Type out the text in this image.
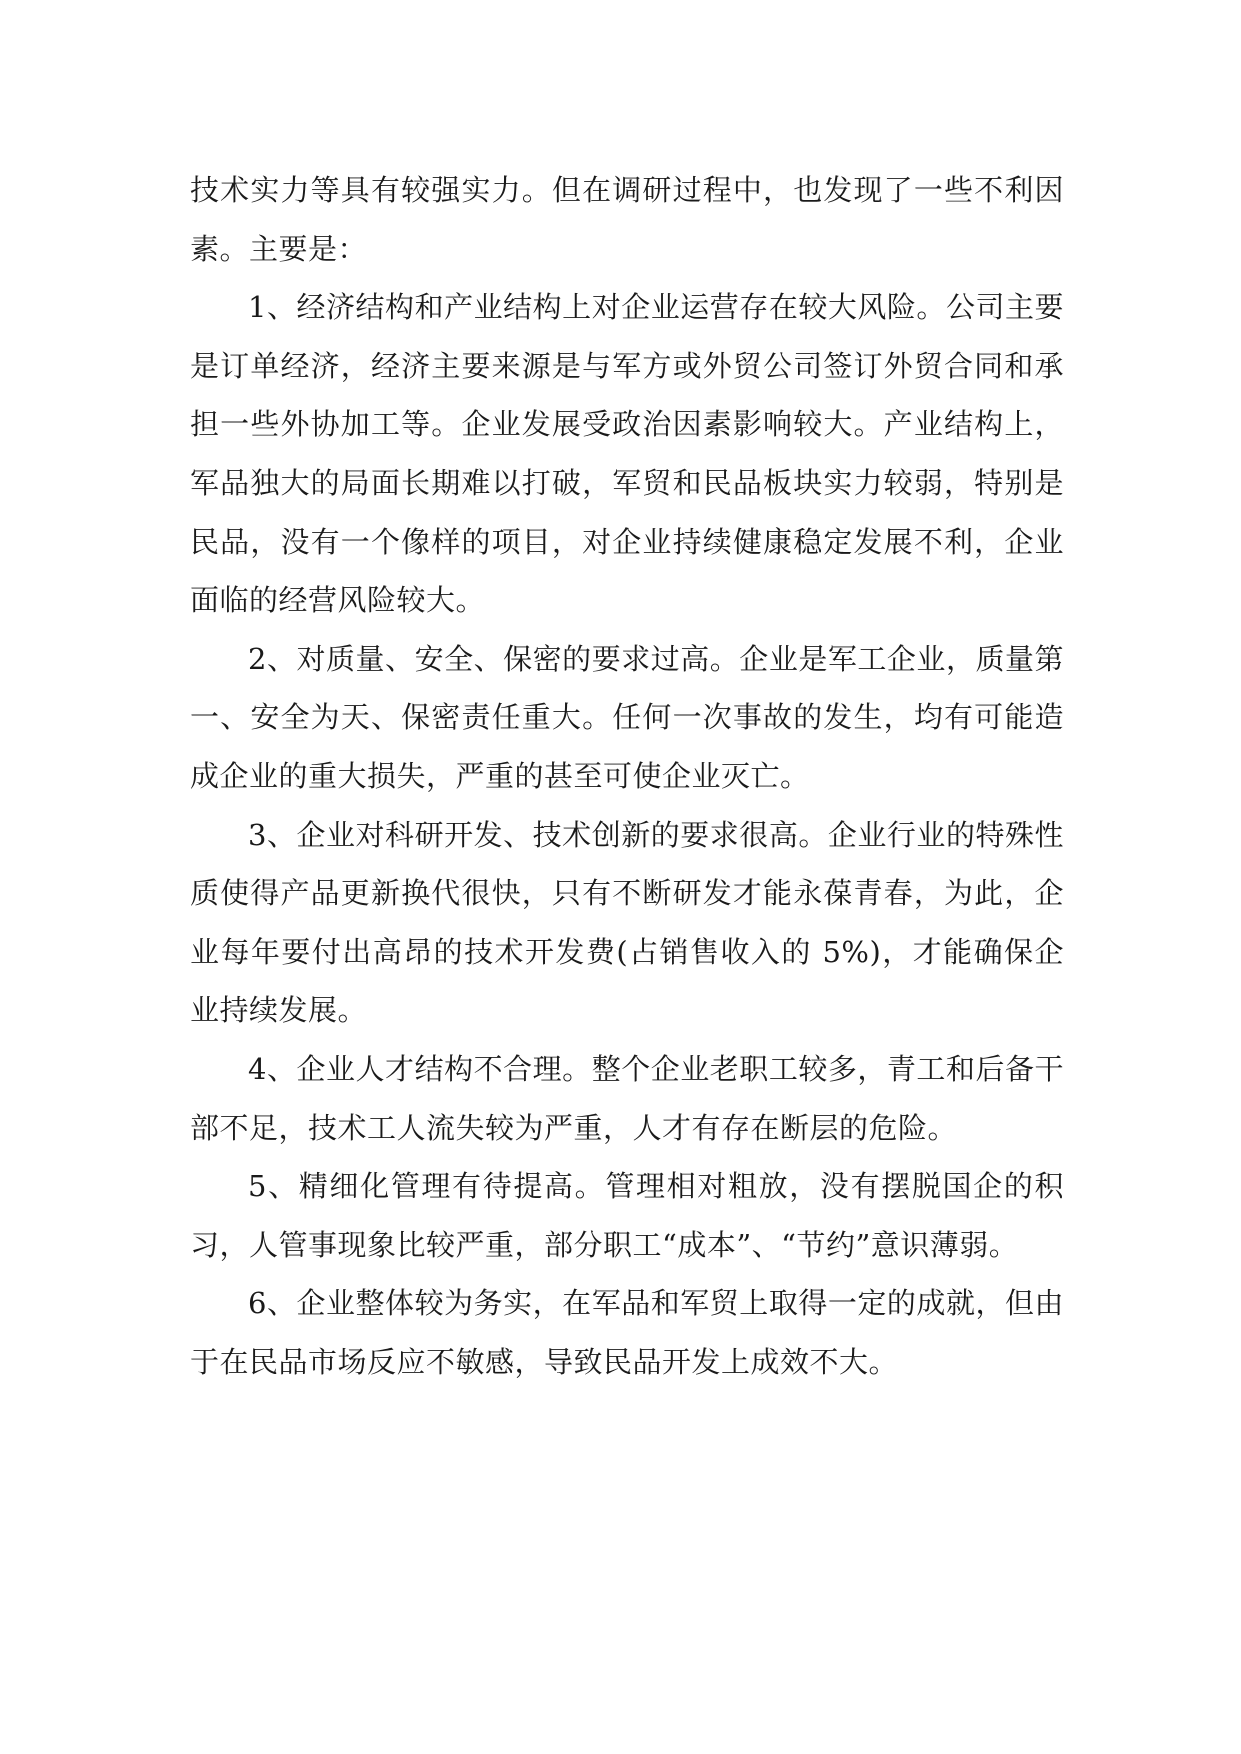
技术实力等具有较强实力。但在调研过程中，也发现了一些不利因素。主要是：

1、经济结构和产业结构上对企业运营存在较大风险。公司主要是订单经济，经济主要来源是与军方或外贸公司签订外贸合同和承担一些外协加工等。企业发展受政治因素影响较大。产业结构上，军品独大的局面长期难以打破，军贸和民品板块实力较弱，特别是民品，没有一个像样的项目，对企业持续健康稳定发展不利，企业面临的经营风险较大。

2、对质量、安全、保密的要求过高。企业是军工企业，质量第一、安全为天、保密责任重大。任何一次事故的发生，均有可能造成企业的重大损失，严重的甚至可使企业灭亡。

3、企业对科研开发、技术创新的要求很高。企业行业的特殊性质使得产品更新换代很快，只有不断研发才能永葆青春，为此，企业每年要付出高昂的技术开发费(占销售收入的 5%)，才能确保企业持续发展。

4、企业人才结构不合理。整个企业老职工较多，青工和后备干部不足，技术工人流失较为严重，人才有存在断层的危险。

5、精细化管理有待提高。管理相对粗放，没有摆脱国企的积习，人管事现象比较严重，部分职工“成本”、“节约”意识薄弱。

6、企业整体较为务实，在军品和军贸上取得一定的成就，但由于在民品市场反应不敏感，导致民品开发上成效不大。
